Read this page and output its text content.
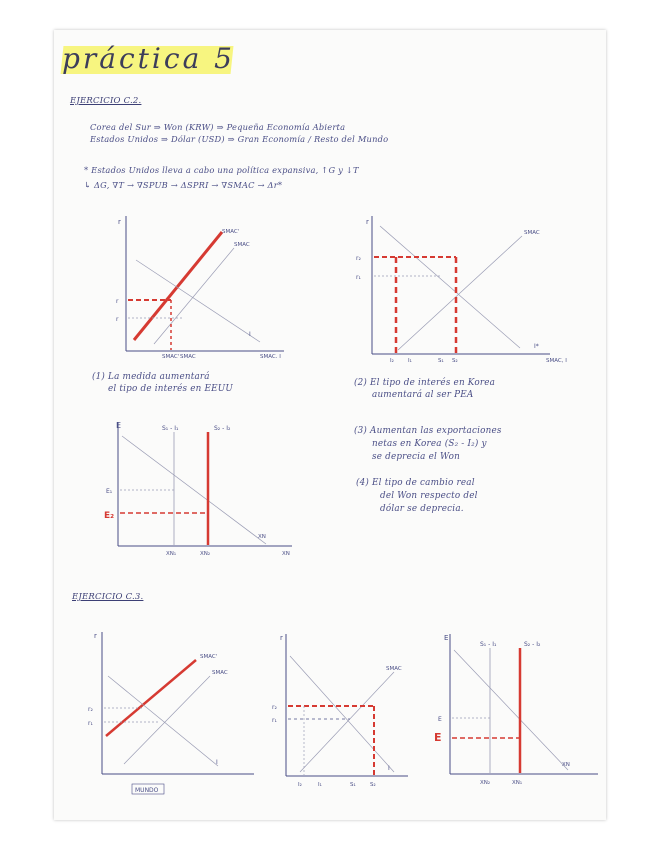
práctica 5
EJERCICIO C.2.
Corea del Sur ⇒ Won (KRW) ⇒ Pequeña Economía Abierta
Estados Unidos ⇒ Dólar (USD) ⇒ Gran Economía / Resto del Mundo
* Estados Unidos lleva a cabo una política expansiva, ↑G y ↓T
↳ ΔG, ∇T → ∇SPUB → ΔSPRI → ∇SMAC → Δr*
r
r
r
SMAC'
SMAC
I
SMAC' SMAC	SMAC, I
r
r₂
r₁
SMAC
I*
I₂	I₁	S₁ S₂	SMAC, I
(1) La medida aumentará
el tipo de interés en EEUU
(2) El tipo de interés en Korea
aumentará al ser PEA
(3) Aumentan las exportaciones
netas en Korea (S₂ - I₂) y
se deprecia el Won
(4) El tipo de cambio real
del Won respecto del
dólar se deprecia.
E	S₁ - I₁	S₂ - I₂
E₁
E₂
XN
XN₁	XN₂	XN
EJERCICIO C.3.
r
r₂
r₁
SMAC'
SMAC
I
MUNDO
r
r₂
r₁
SMAC
I
I₂	I₁	S₁	S₂
E
S₁ - I₁	S₂ - I₂
E
E
XN
XN₂	XN₁
